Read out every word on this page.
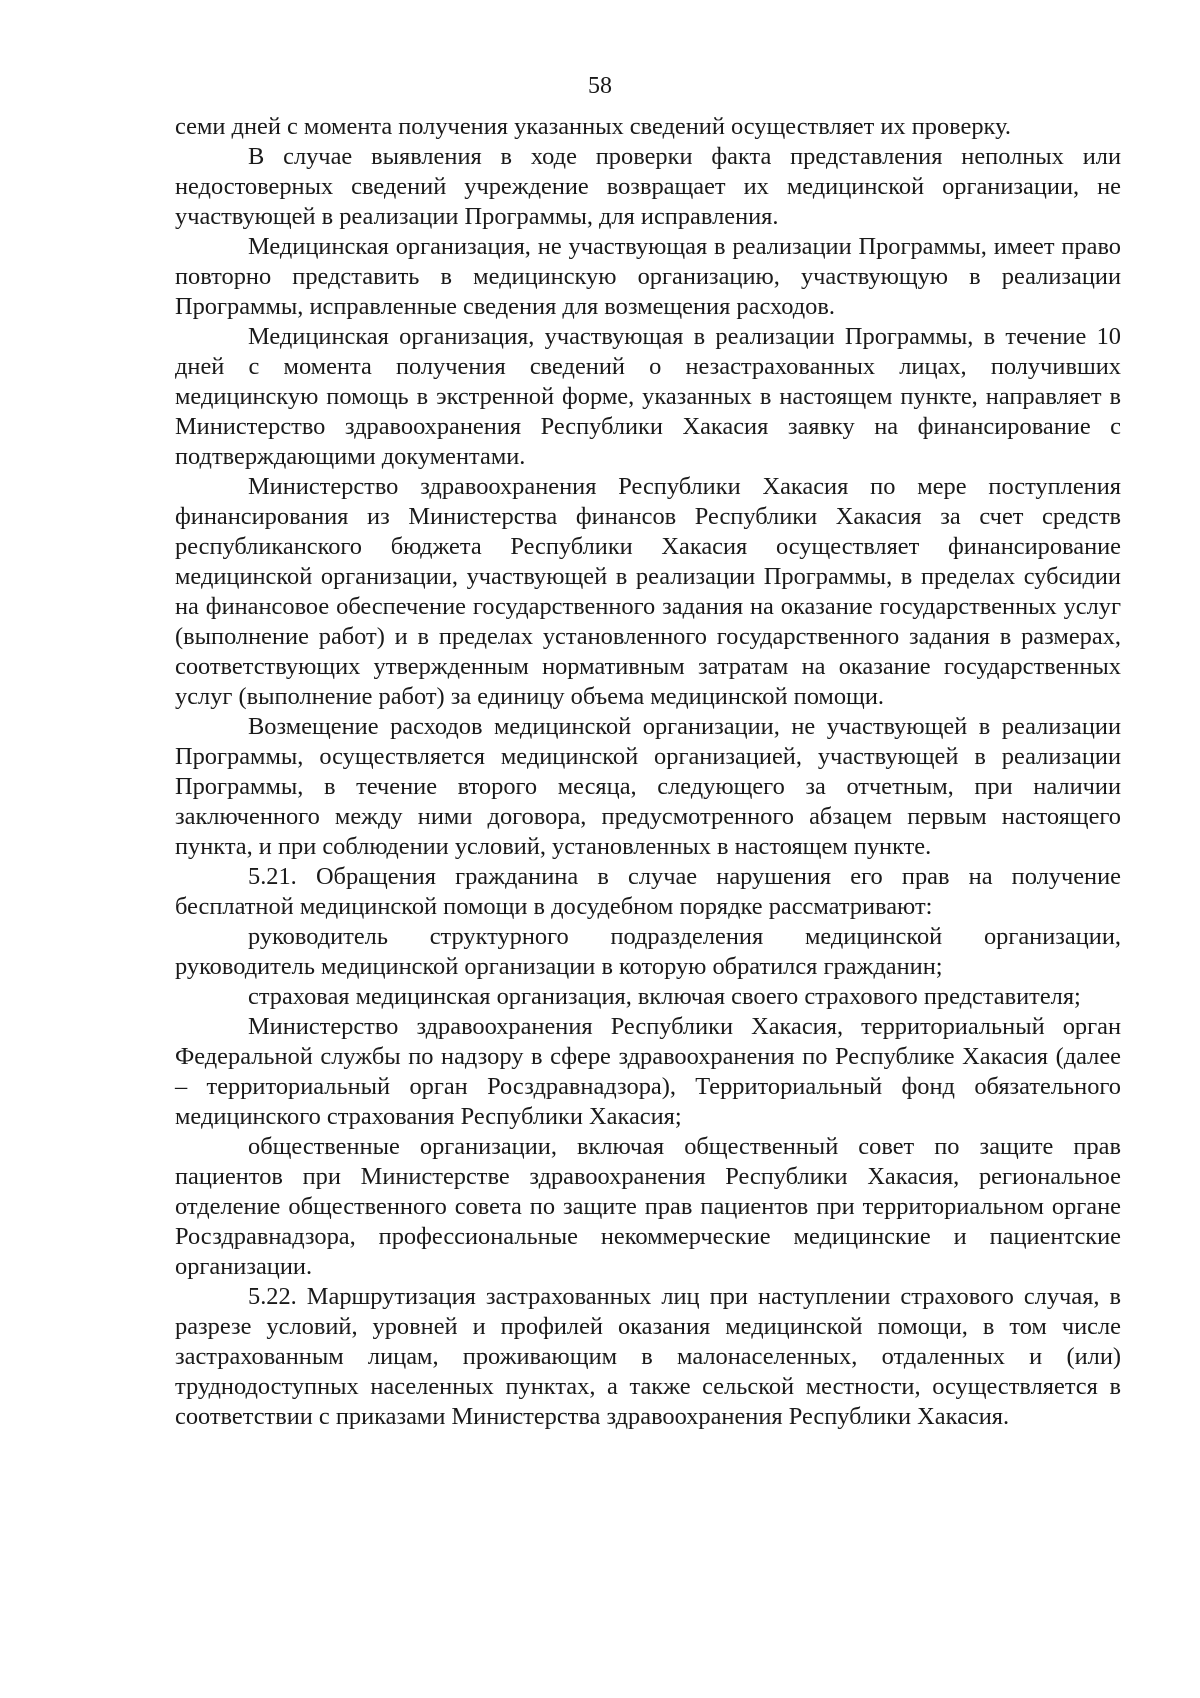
58

семи дней с момента получения указанных сведений осуществляет их проверку.

В случае выявления в ходе проверки факта представления неполных или недостоверных сведений учреждение возвращает их медицинской организации, не участвующей в реализации Программы, для исправления.

Медицинская организация, не участвующая в реализации Программы, имеет право повторно представить в медицинскую организацию, участвующую в реализации Программы, исправленные сведения для возмещения расходов.

Медицинская организация, участвующая в реализации Программы, в течение 10 дней с момента получения сведений о незастрахованных лицах, получивших медицинскую помощь в экстренной форме, указанных в настоящем пункте, направляет в Министерство здравоохранения Республики Хакасия заявку на финансирование с подтверждающими документами.

Министерство здравоохранения Республики Хакасия по мере поступления финансирования из Министерства финансов Республики Хакасия за счет средств республиканского бюджета Республики Хакасия осуществляет финансирование медицинской организации, участвующей в реализации Программы, в пределах субсидии на финансовое обеспечение государственного задания на оказание государственных услуг (выполнение работ) и в пределах установленного государственного задания в размерах, соответствующих утвержденным нормативным затратам на оказание государственных услуг (выполнение работ) за единицу объема медицинской помощи.

Возмещение расходов медицинской организации, не участвующей в реализации Программы, осуществляется медицинской организацией, участвующей в реализации Программы, в течение второго месяца, следующего за отчетным, при наличии заключенного между ними договора, предусмотренного абзацем первым настоящего пункта, и при соблюдении условий, установленных в настоящем пункте.

5.21. Обращения гражданина в случае нарушения его прав на получение бесплатной медицинской помощи в досудебном порядке рассматривают:

руководитель структурного подразделения медицинской организации, руководитель медицинской организации в которую обратился гражданин;

страховая медицинская организация, включая своего страхового представителя;

Министерство здравоохранения Республики Хакасия, территориальный орган Федеральной службы по надзору в сфере здравоохранения по Республике Хакасия (далее – территориальный орган Росздравнадзора), Территориальный фонд обязательного медицинского страхования Республики Хакасия;

общественные организации, включая общественный совет по защите прав пациентов при Министерстве здравоохранения Республики Хакасия, региональное отделение общественного совета по защите прав пациентов при территориальном органе Росздравнадзора, профессиональные некоммерческие медицинские и пациентские организации.

5.22. Маршрутизация застрахованных лиц при наступлении страхового случая, в разрезе условий, уровней и профилей оказания медицинской помощи, в том числе застрахованным лицам, проживающим в малонаселенных, отдаленных и (или) труднодоступных населенных пунктах, а также сельской местности, осуществляется в соответствии с приказами Министерства здравоохранения Республики Хакасия.
